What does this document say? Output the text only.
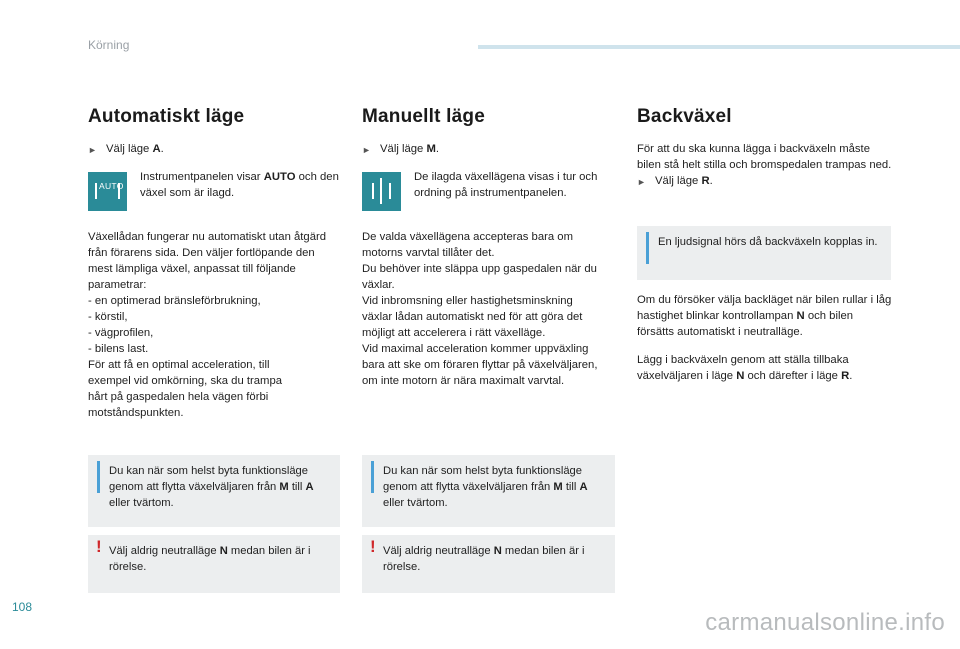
Körning
Automatiskt läge
► Välj läge A.
AUTO
Instrumentpanelen visar AUTO och den växel som är ilagd.
Växellådan fungerar nu automatiskt utan åtgärd
från förarens sida. Den väljer fortlöpande den
mest lämpliga växel, anpassat till följande
parametrar:
- en optimerad bränsleförbrukning,
- körstil,
- vägprofilen,
- bilens last.
För att få en optimal acceleration, till
exempel vid omkörning, ska du trampa
hårt på gaspedalen hela vägen förbi
motståndspunkten.
Manuellt läge
► Välj läge M.
De ilagda växellägena visas i tur och ordning på instrumentpanelen.
De valda växellägena accepteras bara om
motorns varvtal tillåter det.
Du behöver inte släppa upp gaspedalen när du
växlar.
Vid inbromsning eller hastighetsminskning
växlar lådan automatiskt ned för att göra det
möjligt att accelerera i rätt växelläge.
Vid maximal acceleration kommer uppväxling
bara att ske om föraren flyttar på växelväljaren,
om inte motorn är nära maximalt varvtal.
Backväxel

För att du ska kunna lägga i backväxeln måste bilen stå helt stilla och bromspedalen trampas ned.

► Välj läge R.
En ljudsignal hörs då backväxeln kopplas in.

Om du försöker välja backläget när bilen rullar i låg hastighet blinkar kontrollampan N och bilen försätts automatiskt i neutralläge.

Lägg i backväxeln genom att ställa tillbaka växelväljaren i läge N och därefter i läge R.

Du kan när som helst byta funktionsläge genom att flytta växelväljaren från M till A eller tvärtom.
! Välj aldrig neutralläge N medan bilen är i rörelse.
Du kan när som helst byta funktionsläge genom att flytta växelväljaren från M till A eller tvärtom.
! Välj aldrig neutralläge N medan bilen är i rörelse.
108
carmanualsonline.info
